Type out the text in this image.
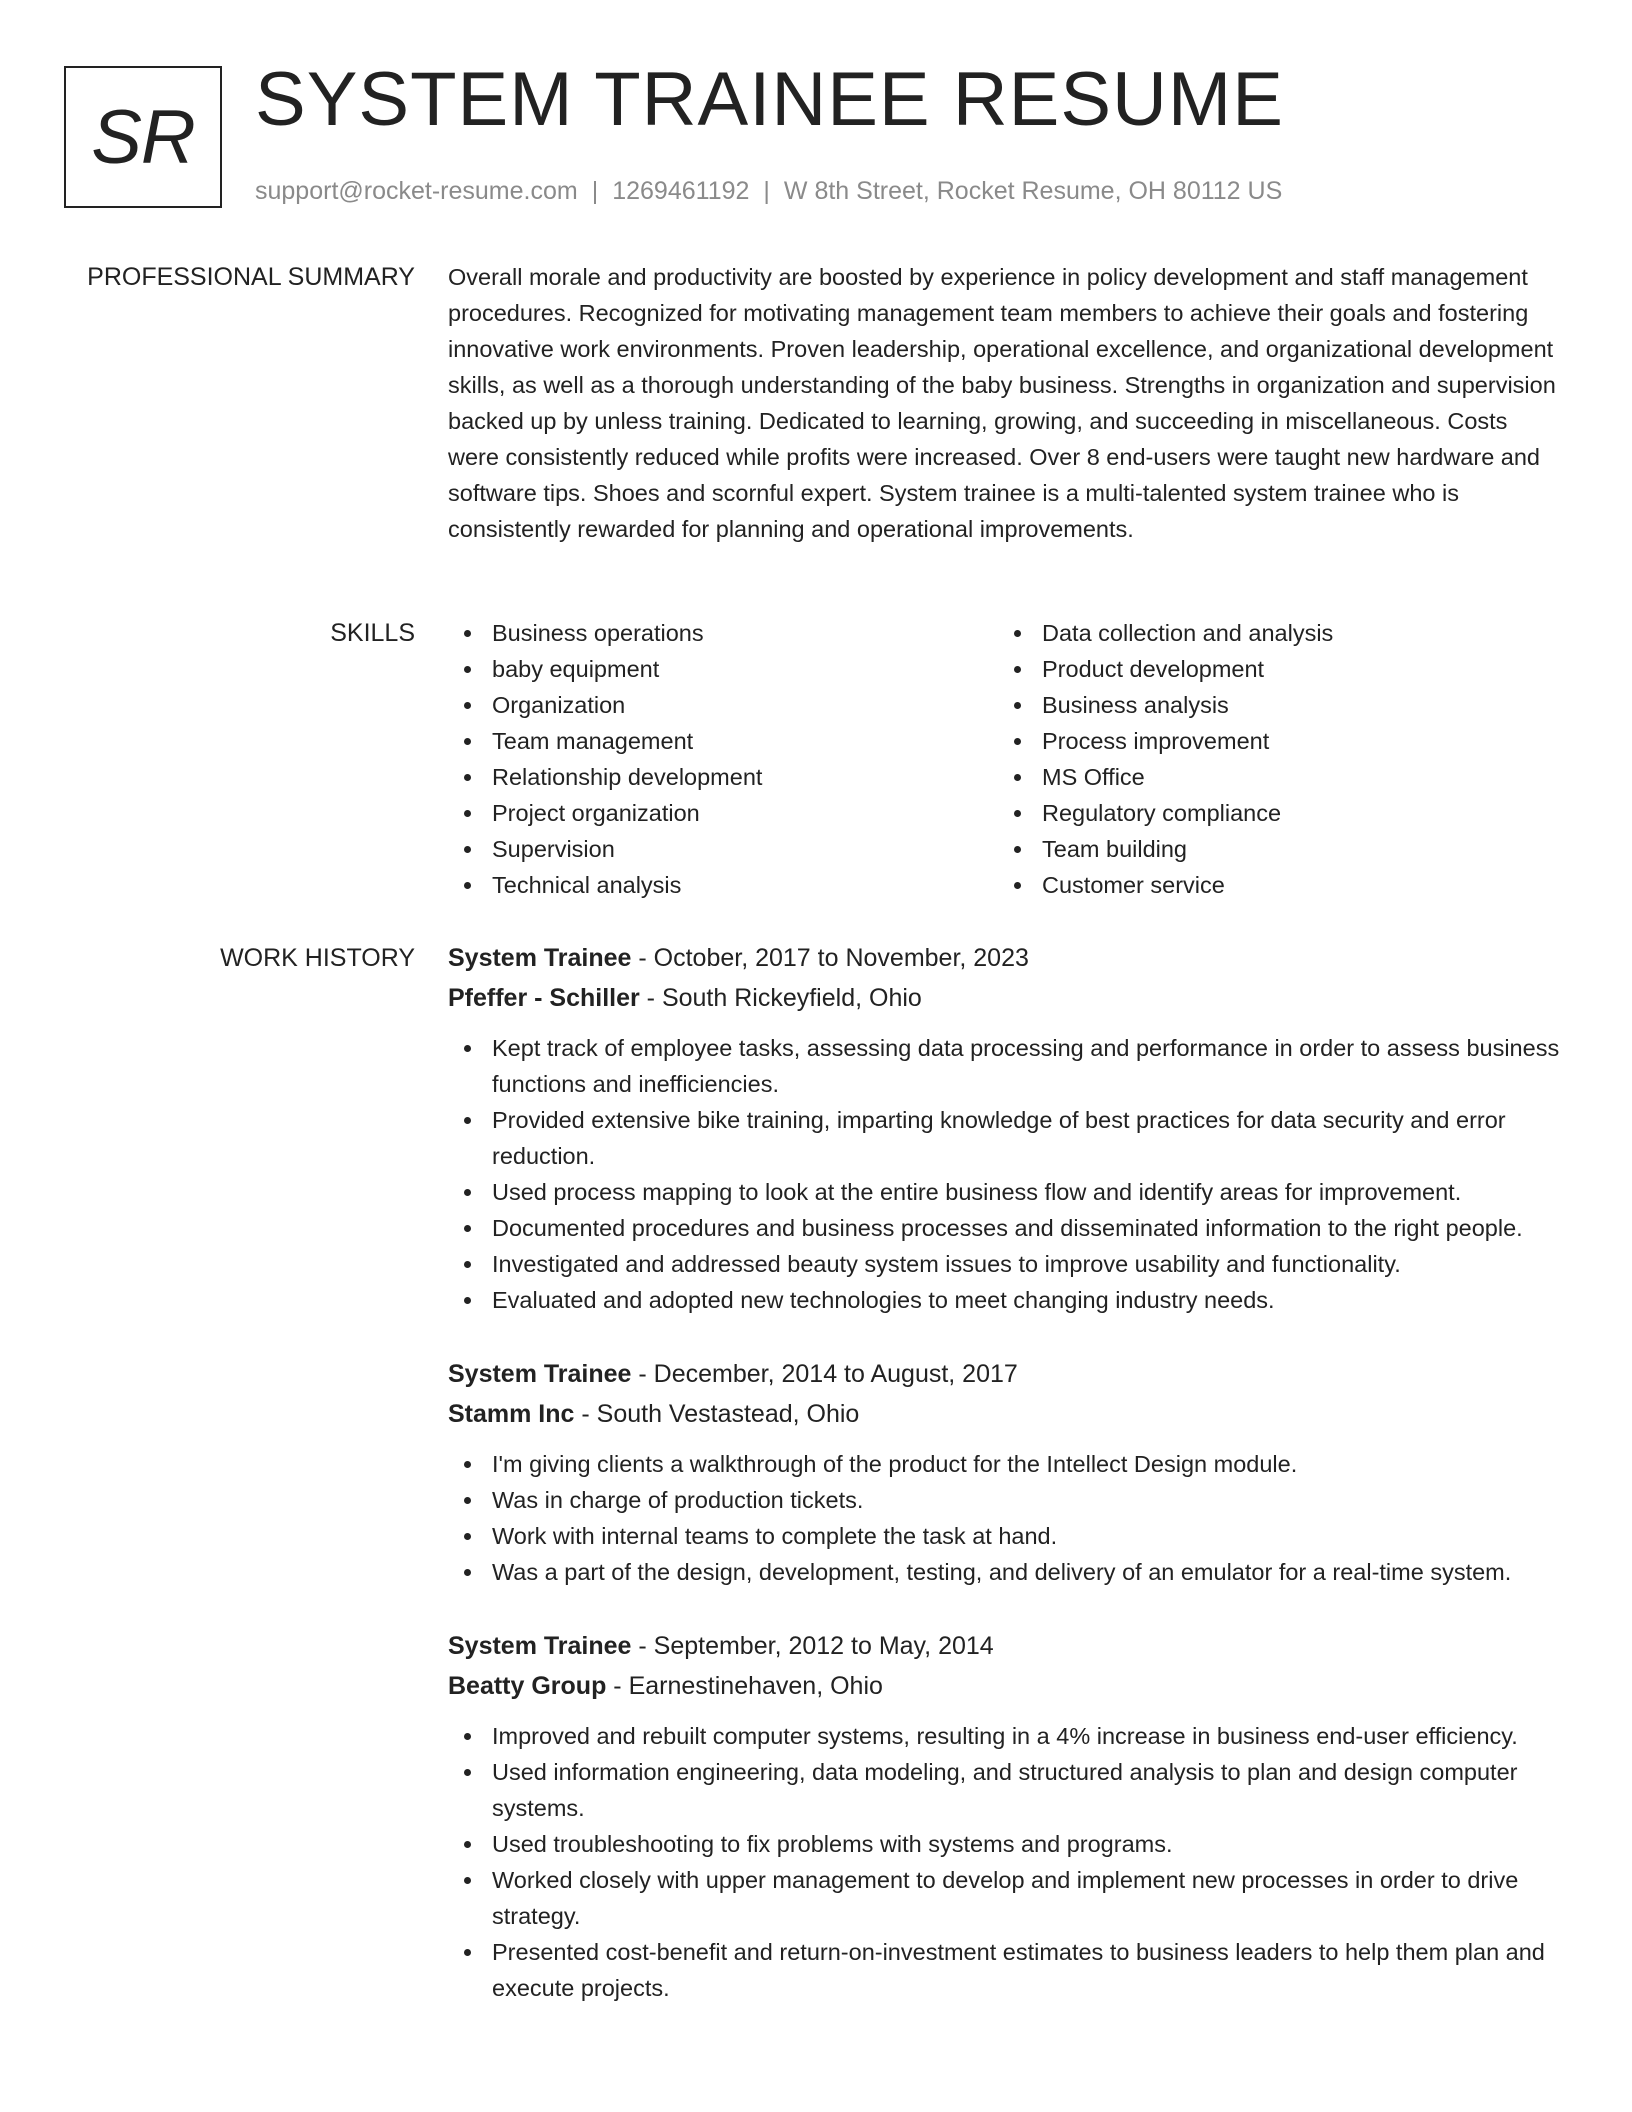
SR SYSTEM TRAINEE RESUME
support@rocket-resume.com | 1269461192 | W 8th Street, Rocket Resume, OH 80112 US
PROFESSIONAL SUMMARY Overall morale and productivity are boosted by experience in policy development and staff management procedures. Recognized for motivating management team members to achieve their goals and fostering innovative work environments. Proven leadership, operational excellence, and organizational development skills, as well as a thorough understanding of the baby business. Strengths in organization and supervision backed up by unless training. Dedicated to learning, growing, and succeeding in miscellaneous. Costs were consistently reduced while profits were increased. Over 8 end-users were taught new hardware and software tips. Shoes and scornful expert. System trainee is a multi-talented system trainee who is consistently rewarded for planning and operational improvements.

SKILLS	Business operations
baby equipment
Organization
Team management
Relationship development
Project organization
Supervision
Technical analysis
Data collection and analysis
Product development
Business analysis
Process improvement
MS Office
Regulatory compliance
Team building
Customer service
WORK HISTORY System Trainee - October, 2017 to November, 2023
Pfeffer - Schiller - South Rickeyfield, Ohio
Kept track of employee tasks, assessing data processing and performance in order to assess business functions and inefficiencies.
Provided extensive bike training, imparting knowledge of best practices for data security and error reduction.
Used process mapping to look at the entire business flow and identify areas for improvement.
Documented procedures and business processes and disseminated information to the right people.
Investigated and addressed beauty system issues to improve usability and functionality.
Evaluated and adopted new technologies to meet changing industry needs.
System Trainee - December, 2014 to August, 2017
Stamm Inc - South Vestastead, Ohio
I'm giving clients a walkthrough of the product for the Intellect Design module.
Was in charge of production tickets.
Work with internal teams to complete the task at hand.
Was a part of the design, development, testing, and delivery of an emulator for a real-time system.
System Trainee - September, 2012 to May, 2014
Beatty Group - Earnestinehaven, Ohio
Improved and rebuilt computer systems, resulting in a 4% increase in business end-user efficiency.
Used information engineering, data modeling, and structured analysis to plan and design computer systems.
Used troubleshooting to fix problems with systems and programs.
Worked closely with upper management to develop and implement new processes in order to drive strategy.
Presented cost-benefit and return-on-investment estimates to business leaders to help them plan and execute projects.
